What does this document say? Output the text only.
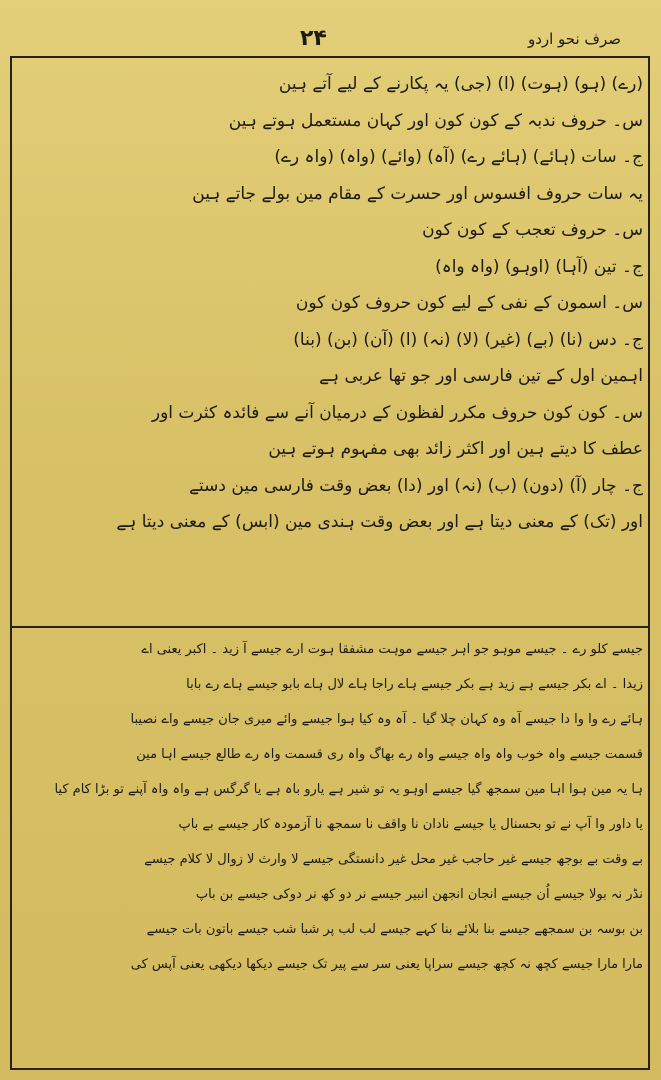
صرف نحو اردو
۲۴
(رے) (ہو) (ہوت) (ا) (جی) یہ پکارنے کے لیے آتے ہین
س۔ حروف ندبہ کے کون کون اور کہان مستعمل ہوتے ہین
ج۔ سات (ہائے) (ہائے رے) (آہ) (وائے) (واہ) (واہ رے)
یہ سات حروف افسوس اور حسرت کے مقام مین بولے جاتے ہین
س۔ حروف تعجب کے کون کون
ج۔ تین (آہا) (اوہو) (واہ واہ)
س۔ اسمون کے نفی کے لیے کون حروف کون کون
ج۔ دس (نا) (بے) (غیر) (لا) (نہ) (ا) (آن) (بن) (بنا)
اہمین اول کے تین فارسی اور جو تھا عربی ہے
س۔ کون کون حروف مکرر لفظون کے درمیان آنے سے فائدہ کثرت اور
عطف کا دیتے ہین اور اکثر زائد بھی مفہوم ہوتے ہین
ج۔ چار (آ) (دون) (ب) (نہ) اور (دا) بعض وقت فارسی مین دستے
اور (تک) کے معنی دیتا ہے اور بعض وقت ہندی مین (ابس) کے معنی دیتا ہے
جیسے کلو رے ۔ جیسے موہو جو اہر جیسے موہت مشفقا ہوت ارے جیسے آ زید ۔ اکبر یعنی اے
زیدا ۔ اے بکر جیسے ہے زید ہے بکر جیسے ہاے راجا ہاے لال ہاے بابو جیسے ہاے رے بابا
ہائے رے وا وا دا جیسے آہ وہ کہان چلا گیا ۔ آہ وہ کیا ہوا جیسے وائے میری جان جیسے واے نصیبا
قسمت جیسے واہ خوب واہ واہ جیسے واہ رے بھاگ واہ ری قسمت واہ رے طالع جیسے اہا مین
ہا یہ مین ہوا اہا مین سمجھ گیا جیسے اوہو یہ تو شیر ہے یارو باہ ہے یا گرگس ہے واہ واہ آپنے تو بڑا کام کیا
یا داور وا آپ نے تو بحسنال یا جیسے نادان نا واقف نا سمجھ نا آزمودہ کار جیسے بے باپ
بے وقت بے بوجھ جیسے غیر حاجب غیر محل غیر دانستگی جیسے لا وارث لا زوال لا کلام جیسے
نڈر نہ بولا جیسے اُن جیسے انجان انجھن انبیر جیسے نر دو کھ نر دوکی جیسے بن باپ
بن بوسہ بن سمجھے جیسے بنا بلائے بنا کہے جیسے لب لب پر شبا شب جیسے باتون بات جیسے
مارا مارا جیسے کچھ نہ کچھ جیسے سراپا یعنی سر سے پیر تک جیسے دیکھا دیکھی یعنی آپس کی
